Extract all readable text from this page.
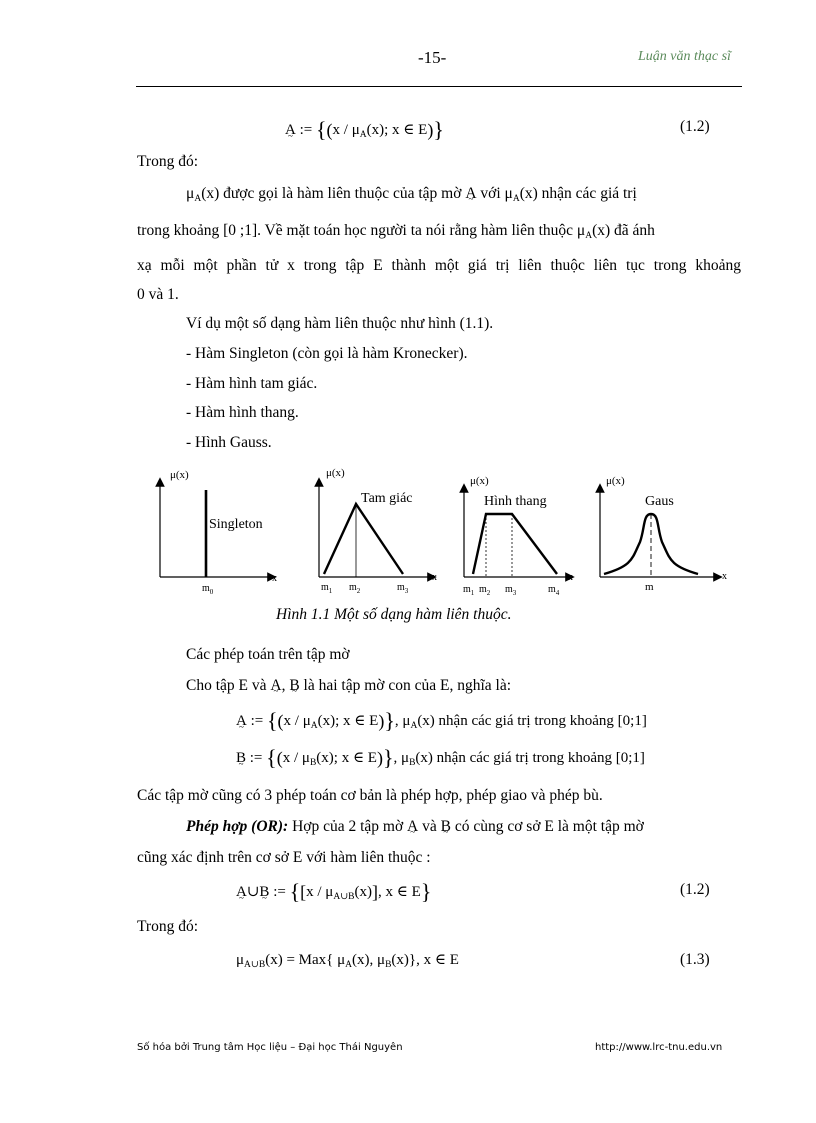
-15-	Luận văn thạc sĩ
A ~ := {($x / \mu_A(x)$; x ∈ E)}	(1.2)
Trong đó:
$\mu_A(x)$ được gọi là hàm liên thuộc của tập mờ A ~ với $\mu_A(x)$ nhận các giá trị
trong khoảng [0 ;1]. Về mặt toán học người ta nói rằng hàm liên thuộc $\mu_A(x)$ đã ánh
xạ mỗi một phần tử x trong tập E thành một giá trị liên thuộc liên tục trong khoảng
0 và 1.
Ví dụ một số dạng hàm liên thuộc như hình (1.1).
- Hàm Singleton (còn gọi là hàm Kronecker).
- Hàm hình tam giác.
- Hàm hình thang.
- Hình Gauss.
μ(x)
x
Singleton
$m_0$
μ(x)
x
Tam giác
$m_1$ $m_2$	$m_3$
μ(x)
x
Hình thang
$m_1$ $m_2$ $m_3$	$m_4$
μ(x)
x
Gaus
m
Hình 1.1 Một số dạng hàm liên thuộc.
Các phép toán trên tập mờ
Cho tập E và A ~, B ~ là hai tập mờ con của E, nghĩa là:
A ~ := {($x / \mu_A(x)$; x ∈ E)}, $\mu_A(x)$ nhận các giá trị trong khoảng [0;1]
B ~ := {($x / \mu_B(x)$; x ∈ E)}, $\mu_B(x)$ nhận các giá trị trong khoảng [0;1]
Các tập mờ cũng có 3 phép toán cơ bản là phép hợp, phép giao và phép bù.
Phép hợp (OR): Hợp của 2 tập mờ A ~ và B ~ có cùng cơ sở E là một tập mờ
cũng xác định trên cơ sở E với hàm liên thuộc :
A ~∪B ~ := {$[x / \mu_{A\cup B}(x)]$, x ∈ E}	(1.2)
Trong đó:
$\mu_{A\cup B}(x) = Max${ $\mu_A(x)$, $\mu_B(x)$}, x ∈ E	(1.3)
Số hóa bởi Trung tâm Học liệu – Đại học Thái Nguyên	http://www.lrc-tnu.edu.vn
